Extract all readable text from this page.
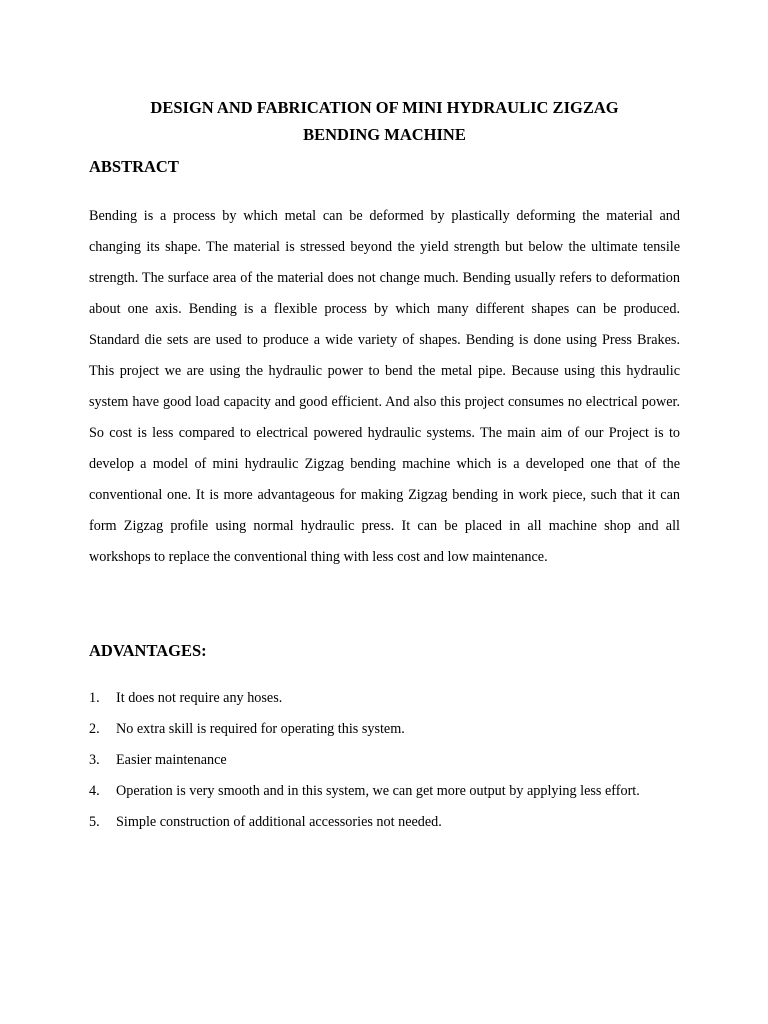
DESIGN AND FABRICATION OF MINI HYDRAULIC ZIGZAG
BENDING MACHINE
ABSTRACT

Bending is a process by which metal can be deformed by plastically deforming the material and changing its shape. The material is stressed beyond the yield strength but below the ultimate tensile strength. The surface area of the material does not change much. Bending usually refers to deformation about one axis. Bending is a flexible process by which many different shapes can be produced. Standard die sets are used to produce a wide variety of shapes. Bending is done using Press Brakes. This project we are using the hydraulic power to bend the metal pipe. Because using this hydraulic system have good load capacity and good efficient. And also this project consumes no electrical power. So cost is less compared to electrical powered hydraulic systems. The main aim of our Project is to develop a model of mini hydraulic Zigzag bending machine which is a developed one that of the conventional one. It is more advantageous for making Zigzag bending in work piece, such that it can form Zigzag profile using normal hydraulic press. It can be placed in all machine shop and all workshops to replace the conventional thing with less cost and low maintenance.

ADVANTAGES:
1. It does not require any hoses.
2. No extra skill is required for operating this system.
3. Easier maintenance
4. Operation is very smooth and in this system, we can get more output by applying less effort.
5. Simple construction of additional accessories not needed.
